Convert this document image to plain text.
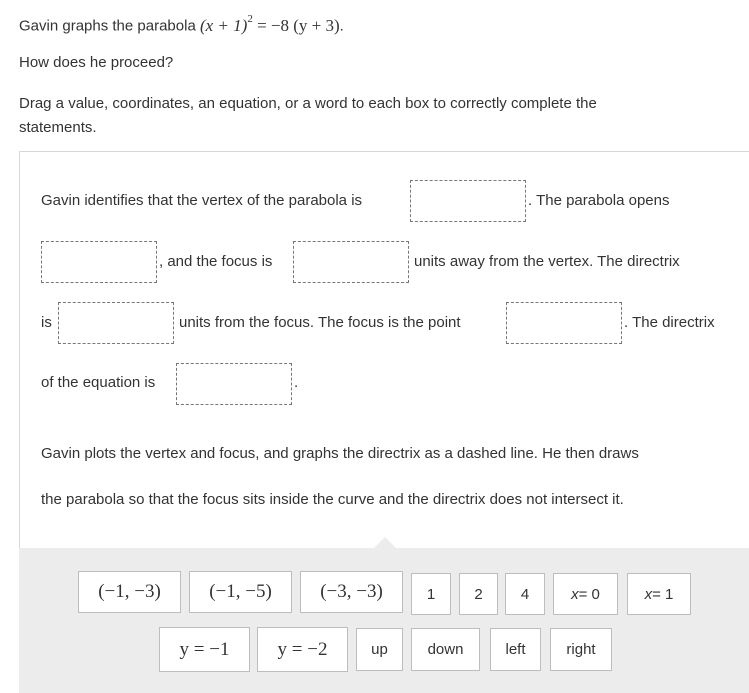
Gavin graphs the parabola $(x + 1)^2 = -8$ (y + 3).
How does he proceed?
Drag a value, coordinates, an equation, or a word to each box to correctly complete the
statements.
Gavin identifies that the vertex of the parabola is	. The parabola opens
, and the focus is	units away from the vertex. The directrix
is	units from the focus. The focus is the point	. The directrix
of the equation is	.
Gavin plots the vertex and focus, and graphs the directrix as a dashed line. He then draws
the parabola so that the focus sits inside the curve and the directrix does not intersect it.
(−1, −3)	(−1, −5)	(−3, −3)	1	2	4	x = 0	x = 1
y = −1	y = −2	up	down	left	right
